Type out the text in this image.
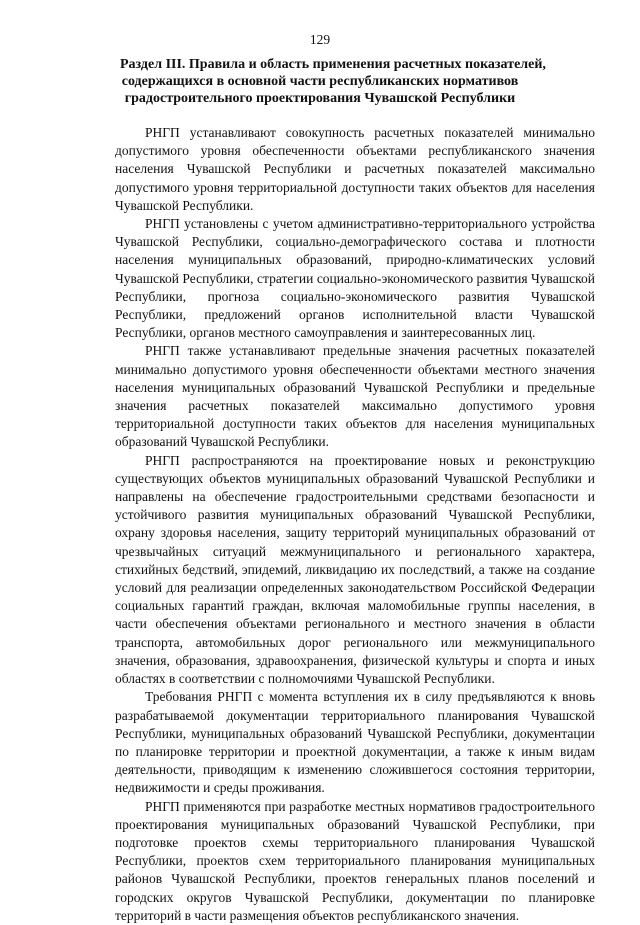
129
Раздел III. Правила и область применения расчетных показателей,
содержащихся в основной части республиканских нормативов
градостроительного проектирования Чувашской Республики

РНГП устанавливают совокупность расчетных показателей минимально допустимого уровня обеспеченности объектами республиканского значения населения Чувашской Республики и расчетных показателей максимально допустимого уровня территориальной доступности таких объектов для населения Чувашской Республики.

РНГП установлены с учетом административно-территориального устройства Чувашской Республики, социально-демографического состава и плотности населения муниципальных образований, природно-климатических условий Чувашской Республики, стратегии социально-экономического развития Чувашской Республики, прогноза социально-экономического развития Чувашской Республики, предложений органов исполнительной власти Чувашской Республики, органов местного самоуправления и заинтересованных лиц.

РНГП также устанавливают предельные значения расчетных показателей минимально допустимого уровня обеспеченности объектами местного значения населения муниципальных образований Чувашской Республики и предельные значения расчетных показателей максимально допустимого уровня территориальной доступности таких объектов для населения муниципальных образований Чувашской Республики.

РНГП распространяются на проектирование новых и реконструкцию существующих объектов муниципальных образований Чувашской Республики и направлены на обеспечение градостроительными средствами безопасности и устойчивого развития муниципальных образований Чувашской Республики, охрану здоровья населения, защиту территорий муниципальных образований от чрезвычайных ситуаций межмуниципального и регионального характера, стихийных бедствий, эпидемий, ликвидацию их последствий, а также на создание условий для реализации определенных законодательством Российской Федерации социальных гарантий граждан, включая маломобильные группы населения, в части обеспечения объектами регионального и местного значения в области транспорта, автомобильных дорог регионального или межмуниципального значения, образования, здравоохранения, физической культуры и спорта и иных областях в соответствии с полномочиями Чувашской Республики.

Требования РНГП с момента вступления их в силу предъявляются к вновь разрабатываемой документации территориального планирования Чувашской Республики, муниципальных образований Чувашской Республики, документации по планировке территории и проектной документации, а также к иным видам деятельности, приводящим к изменению сложившегося состояния территории, недвижимости и среды проживания.

РНГП применяются при разработке местных нормативов градостроительного проектирования муниципальных образований Чувашской Республики, при подготовке проектов схемы территориального планирования Чувашской Республики, проектов схем территориального планирования муниципальных районов Чувашской Республики, проектов генеральных планов поселений и городских округов Чувашской Республики, документации по планировке территорий в части размещения объектов республиканского значения.
